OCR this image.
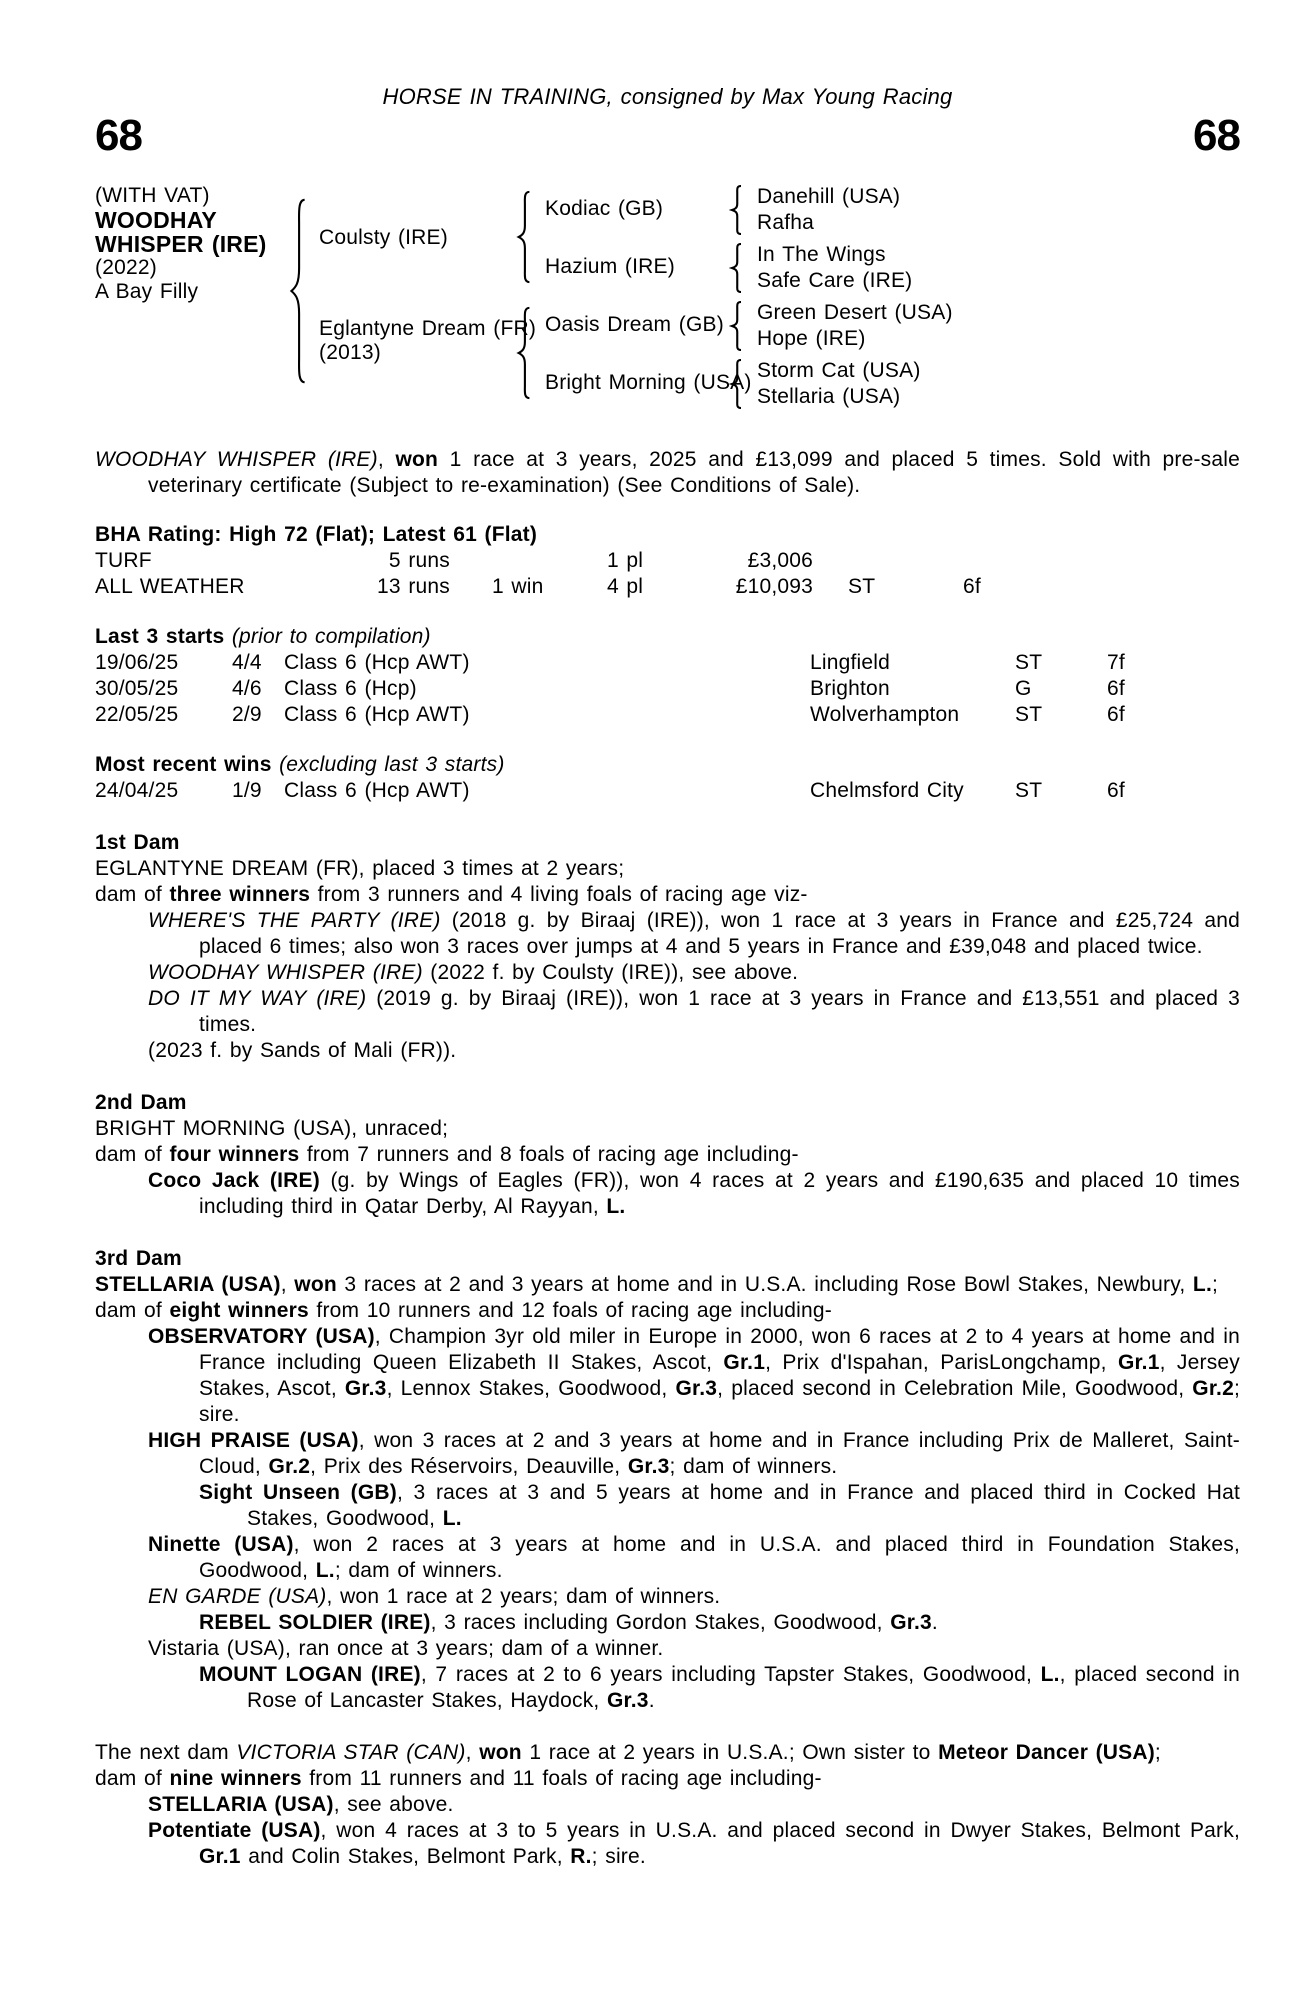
HORSE IN TRAINING, consigned by Max Young Racing
68	68
(WITH VAT)
WOODHAY
WHISPER (IRE)
(2022)
A Bay Filly
Coulsty (IRE)
Eglantyne Dream (FR)
(2013)
Kodiac (GB)
Hazium (IRE)
Oasis Dream (GB)
Bright Morning (USA)
Danehill (USA)
Rafha
In The Wings
Safe Care (IRE)
Green Desert (USA)
Hope (IRE)
Storm Cat (USA)
Stellaria (USA)

WOODHAY WHISPER (IRE), won 1 race at 3 years, 2025 and £13,099 and placed 5 times. Sold with pre-sale veterinary certificate (Subject to re-examination) (See Conditions of Sale).

BHA Rating: High 72 (Flat); Latest 61 (Flat)
TURF	5 runs	1 pl	£3,006
ALL WEATHER	13 runs 1 win	4 pl	£10,093 ST	6f
Last 3 starts (prior to compilation)
19/06/25	4/4 Class 6 (Hcp AWT)	Lingfield	ST	7f
30/05/25	4/6 Class 6 (Hcp)	Brighton	G	6f
22/05/25	2/9 Class 6 (Hcp AWT)	Wolverhampton	ST	6f
Most recent wins (excluding last 3 starts)
24/04/25	1/9 Class 6 (Hcp AWT)	Chelmsford City ST	6f
1st Dam

EGLANTYNE DREAM (FR), placed 3 times at 2 years;

dam of three winners from 3 runners and 4 living foals of racing age viz-

WHERE'S THE PARTY (IRE) (2018 g. by Biraaj (IRE)), won 1 race at 3 years in France and £25,724 and placed 6 times; also won 3 races over jumps at 4 and 5 years in France and £39,048 and placed twice.

WOODHAY WHISPER (IRE) (2022 f. by Coulsty (IRE)), see above.

DO IT MY WAY (IRE) (2019 g. by Biraaj (IRE)), won 1 race at 3 years in France and £13,551 and placed 3 times.

(2023 f. by Sands of Mali (FR)).

2nd Dam

BRIGHT MORNING (USA), unraced;

dam of four winners from 7 runners and 8 foals of racing age including-

Coco Jack (IRE) (g. by Wings of Eagles (FR)), won 4 races at 2 years and £190,635 and placed 10 times including third in Qatar Derby, Al Rayyan, L.

3rd Dam

STELLARIA (USA), won 3 races at 2 and 3 years at home and in U.S.A. including Rose Bowl Stakes, Newbury, L.;

dam of eight winners from 10 runners and 12 foals of racing age including-

OBSERVATORY (USA), Champion 3yr old miler in Europe in 2000, won 6 races at 2 to 4 years at home and in France including Queen Elizabeth II Stakes, Ascot, Gr.1, Prix d'Ispahan, ParisLongchamp, Gr.1, Jersey Stakes, Ascot, Gr.3, Lennox Stakes, Goodwood, Gr.3, placed second in Celebration Mile, Goodwood, Gr.2; sire.

HIGH PRAISE (USA), won 3 races at 2 and 3 years at home and in France including Prix de Malleret, Saint-Cloud, Gr.2, Prix des Réservoirs, Deauville, Gr.3; dam of winners.

Sight Unseen (GB), 3 races at 3 and 5 years at home and in France and placed third in Cocked Hat Stakes, Goodwood, L.

Ninette (USA), won 2 races at 3 years at home and in U.S.A. and placed third in Foundation Stakes, Goodwood, L.; dam of winners.

EN GARDE (USA), won 1 race at 2 years; dam of winners.

REBEL SOLDIER (IRE), 3 races including Gordon Stakes, Goodwood, Gr.3.

Vistaria (USA), ran once at 3 years; dam of a winner.

MOUNT LOGAN (IRE), 7 races at 2 to 6 years including Tapster Stakes, Goodwood, L., placed second in Rose of Lancaster Stakes, Haydock, Gr.3.

The next dam VICTORIA STAR (CAN), won 1 race at 2 years in U.S.A.; Own sister to Meteor Dancer (USA);

dam of nine winners from 11 runners and 11 foals of racing age including-

STELLARIA (USA), see above.

Potentiate (USA), won 4 races at 3 to 5 years in U.S.A. and placed second in Dwyer Stakes, Belmont Park, Gr.1 and Colin Stakes, Belmont Park, R.; sire.
